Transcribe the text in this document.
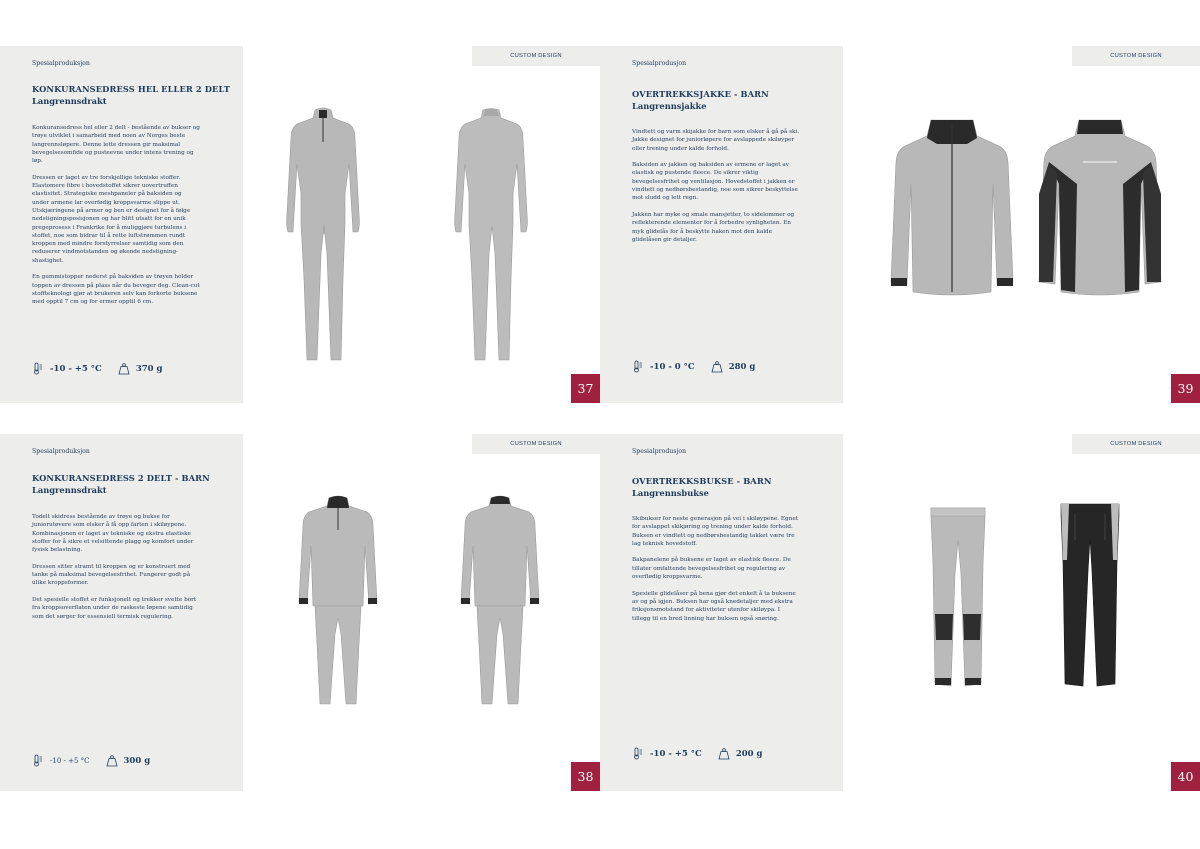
Spesialproduksjon
KONKURANSEDRESS HEL ELLER 2 DELT
Langrennsdrakt

Konkuransedress hel eller 2 delt - bestående av bukser og trøye utviklet i samarbeid med noen av Norges beste langrennsløpere. Denne lette dressen gir maksimal bevegelsesomfide og pusteevne under intens trening og løp.

Dressen er laget av tre forskjellige tekniske stoffer. Elastomere fibre i hovedstoffet sikrer uovertruffen elastisitet. Strategiske meshpaneler på baksiden og under armene lar overfødig kroppsvarme slippe ut. Utskjæringene på armer og ben er designet for å følge nedstigningsposisjonen og har blitt utsatt for en unik pregeprosess i Frankrike for å muliggjøre turbulens i stoffet, noe som bidrar til å rette luftstrømmen rundt kroppen med mindre forstyrrelser samtidig som den reduserer vindmotstanden og økende nedstigning-shastighet.

En gummistopper nederst på baksiden av trøyen holder toppen av dressen på plass når du beveger deg. Clean-cut stoffteknologi gjør at brukeren selv kan forkorte buksene med opptil 7 cm og for ermer opptil 6 cm.

-10 - +5 °C	370 g
CUSTOM DESIGN
37
Spesialprodusjon
OVERTREKKSJAKKE - BARN
Langrennsjakke

Vindtett og varm skijakke for barn som elsker å gå på ski. Jakke designet for juniorløpere for avslappede skiløyper eller trening under kalde forhold.

Baksiden av jakken og baksiden av ermene er laget av elastisk og pustende fleece. De sikrer viktig bevegelsesfrihet og ventilasjon. Hovedstoffet i jakken er vindtett og nedbørsbestandig, noe som sikrer beskyttelse mot sludd og lett regn.

Jakken har myke og smale mansjetter, to sidelommer og reflekterende elementer for å forbedre synligheten. En myk glidelås for å beskytte haken mot den kalde glidelåsen gir detaljer.

-10 - 0 °C	280 g
CUSTOM DESIGN
39
Spesialproduksjon
KONKURANSEDRESS 2 DELT - BARN
Langrennsdrakt

Todelt skidress bestående av trøye og bukse for juniorutøvere som elsker å få opp farten i skiløypene. Kombinasjonen er laget av tekniske og ekstra elastiske stoffer for å sikre et velsittende plagg og komfort under fysisk belastning.

Dressen sitter stramt til kroppen og er konstruert med tanke på maksimal bevegelsesfrihet. Fungerer godt på ulike kroppsformer.

Det spesielle stoffet er funksjonelt og trekker svette bort fra kroppsoverflaten under de raskeste løpene samtidig som det sørger for essensiell termisk regulering.

-10 - +5 °C	300 g
CUSTOM DESIGN
38
Spesialprodusjon
OVERTREKKSBUKSE - BARN
Langrennsbukse

Skibukser for neste generasjon på vei i skiløypene. Egnet for avslappet skikjøring og trening under kalde forhold. Buksen er vindtett og nedbørsbestandig takket være tre lag teknisk hovedstoff.

Bakpanelene på buksene er laget av elastisk fleece. De tillater omfattende bevegelsesfrihet og regulering av overflødig kroppsvarme.

Spesielle glidelåser på bena gjør det enkelt å ta buksene av og på igjen. Buksen har også knedetaljer med ekstra friksjonsmotstand for aktiviteter utenfor skiløypa. I tillegg til en bred linning har buksen også snøring.

-10 - +5 °C	200 g
CUSTOM DESIGN
40
